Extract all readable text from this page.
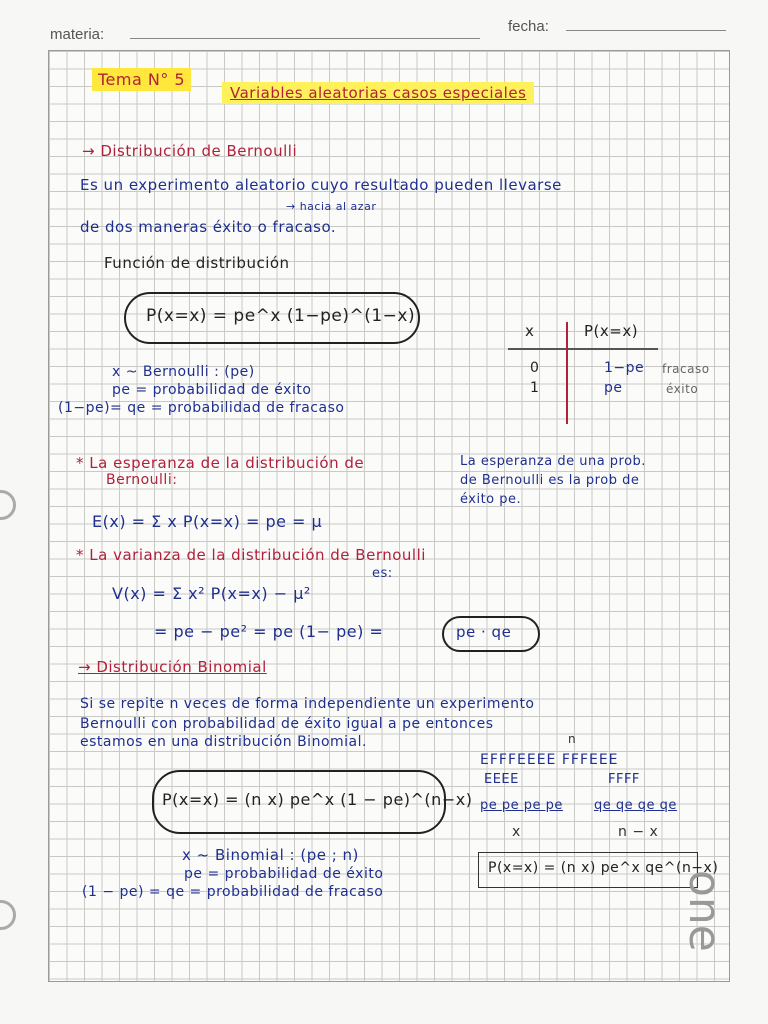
materia:	fecha:
Tema N° 5
Variables aleatorias casos especiales
→ Distribución de Bernoulli
Es un experimento aleatorio cuyo resultado pueden llevarse
→ hacia al azar
de dos maneras éxito o fracaso.
Función de distribución
P(x=x) = pe^x (1−pe)^(1−x)
x	P(x=x)
0	1−pe fracaso
1	pe	éxito
x ~ Bernoulli : (pe)
pe = probabilidad de éxito
(1−pe)= qe = probabilidad de fracaso
* La esperanza de la distribución de
Bernoulli:
La esperanza de una prob.
de Bernoulli es la prob de
éxito pe.
E(x) = Σ x P(x=x) = pe = μ
* La varianza de la distribución de Bernoulli
es:
V(x) = Σ x² P(x=x) − μ²
= pe − pe² = pe (1− pe) =	pe · qe
→ Distribución Binomial
Si se repite n veces de forma independiente un experimento
Bernoulli con probabilidad de éxito igual a pe entonces
estamos en una distribución Binomial.	n
EFFFEEEE FFFEEE
EEEE	FFFF
pe pe pe pe qe qe qe qe
x	n − x
P(x=x) = (n x) pe^x (1 − pe)^(n−x)
P(x=x) = (n x) pe^x qe^(n−x)
x ~ Binomial : (pe ; n)
pe = probabilidad de éxito
(1 − pe) = qe = probabilidad de fracaso	one
